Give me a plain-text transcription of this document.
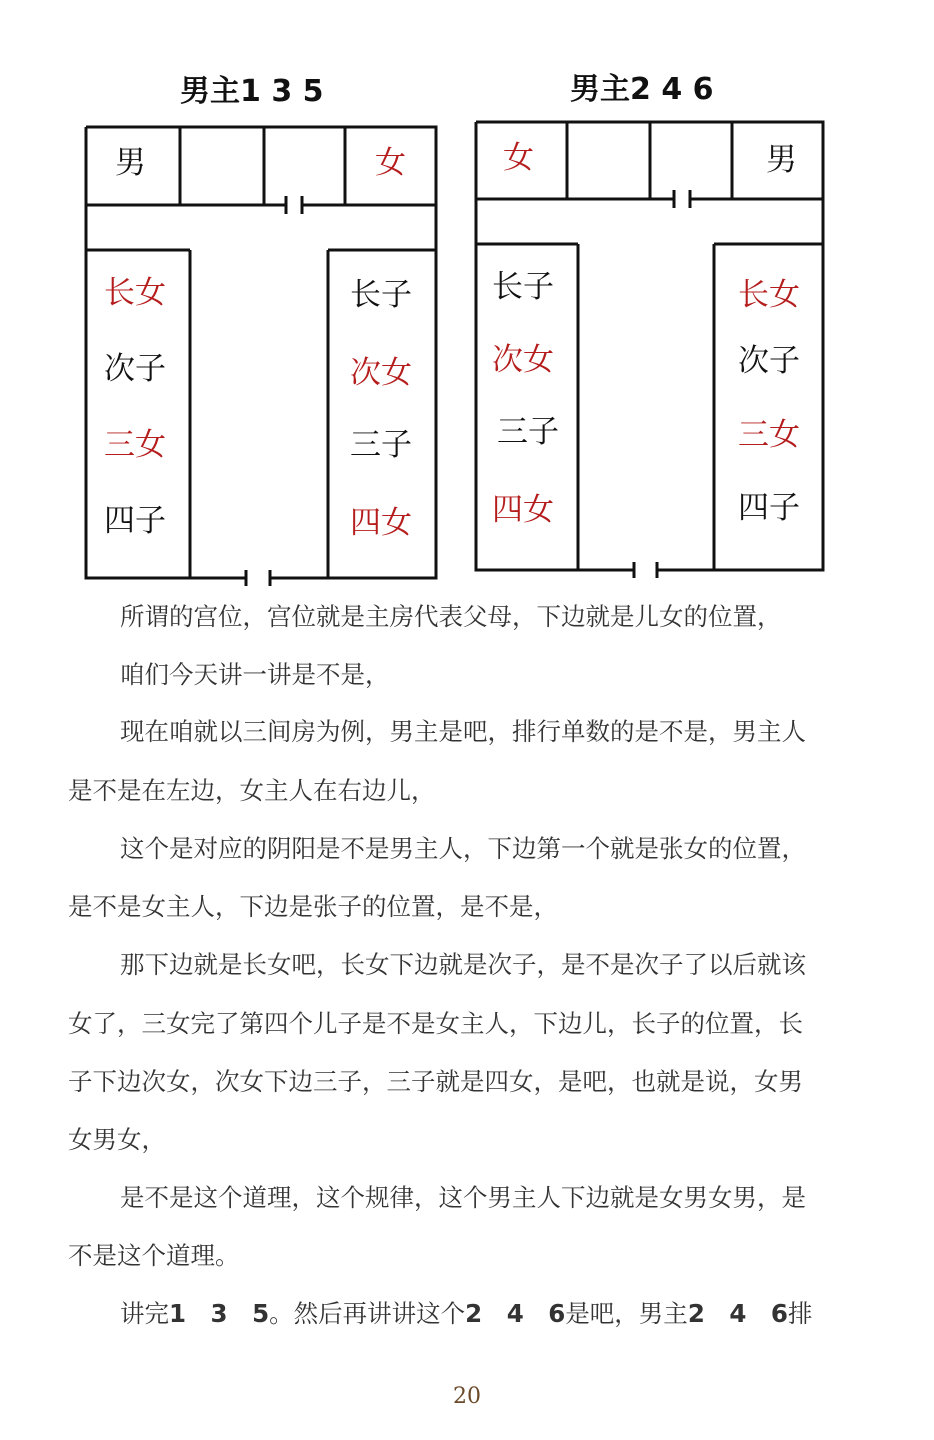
男主1 3 5	男主2 4 6
男	女
长女
次子
三女
四子
长子
次女
三子
四女
女	男
长子
次女
三子
四女
长女
次子
三女
四子
所谓的宫位，宫位就是主房代表父母，下边就是儿女的位置，
咱们今天讲一讲是不是，
现在咱就以三间房为例，男主是吧，排行单数的是不是，男主人
是不是在左边，女主人在右边儿，
这个是对应的阴阳是不是男主人，下边第一个就是张女的位置，
是不是女主人，下边是张子的位置，是不是，
那下边就是长女吧，长女下边就是次子，是不是次子了以后就该
女了，三女完了第四个儿子是不是女主人，下边儿，长子的位置，长
子下边次女，次女下边三子，三子就是四女，是吧，也就是说，女男
女男女，
是不是这个道理，这个规律，这个男主人下边就是女男女男，是
不是这个道理。
讲完1　3　5。然后再讲讲这个2　4　6是吧，男主2　4　6排
20
